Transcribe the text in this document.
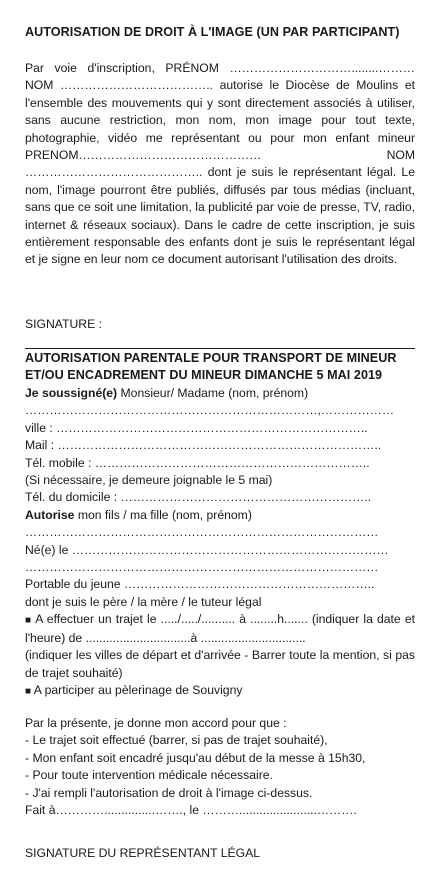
AUTORISATION DE DROIT À L'IMAGE (UN PAR PARTICIPANT)

Par voie d'inscription, PRÉNOM …………………………........……… NOM ……………………………….. autorise le Diocèse de Moulins et l'ensemble des mouvements qui y sont directement associés à utiliser, sans aucune restriction, mon nom, mon image pour tout texte, photographie, vidéo me représentant ou pour mon enfant mineur PRENOM……………………………………… NOM …………………………………….. dont je suis le représentant légal. Le nom, l'image pourront être publiés, diffusés par tous médias (incluant, sans que ce soit une limitation, la publicité par voie de presse, TV, radio, internet & réseaux sociaux). Dans le cadre de cette inscription, je suis entièrement responsable des enfants dont je suis le représentant légal et je signe en leur nom ce document autorisant l'utilisation des droits.

SIGNATURE :

AUTORISATION PARENTALE POUR TRANSPORT DE MINEUR ET/OU ENCADREMENT DU MINEUR DIMANCHE 5 MAI 2019

Je soussigné(e) Monsieur/ Madame (nom, prénom)
………………………………………………………………,………………
ville : …………………………………………………………………..
Mail : ……………………………………………………………………..
Tél. mobile : …………………………………………………………..
(Si nécessaire, je demeure joignable le 5 mai)
Tél. du domicile : ……………………………………………………..
Autorise mon fils / ma fille (nom, prénom)
……………………………………………………………………………
Né(e) le ……………………………………………………………………
……………………………………………………………………………
Portable du jeune ……………………………………………………..
dont je suis le père / la mère / le tuteur légal

■ A effectuer un trajet le ...../...../.......... à ........h....... (indiquer la date et l'heure) de ...............................à ...............................

(indiquer les villes de départ et d'arrivée - Barrer toute la mention, si pas de trajet souhaité)

■ A participer au pèlerinage de Souvigny
Par la présente, je donne mon accord pour que :
- Le trajet soit effectué (barrer, si pas de trajet souhaité),
- Mon enfant soit encadré jusqu'au début de la messe à 15h30,
- Pour toute intervention médicale nécessaire.
- J'ai rempli l'autorisation de droit à l'image ci-dessus.
Fait à…………...............……., le ……….......................……….

SIGNATURE DU REPRÉSENTANT LÉGAL
